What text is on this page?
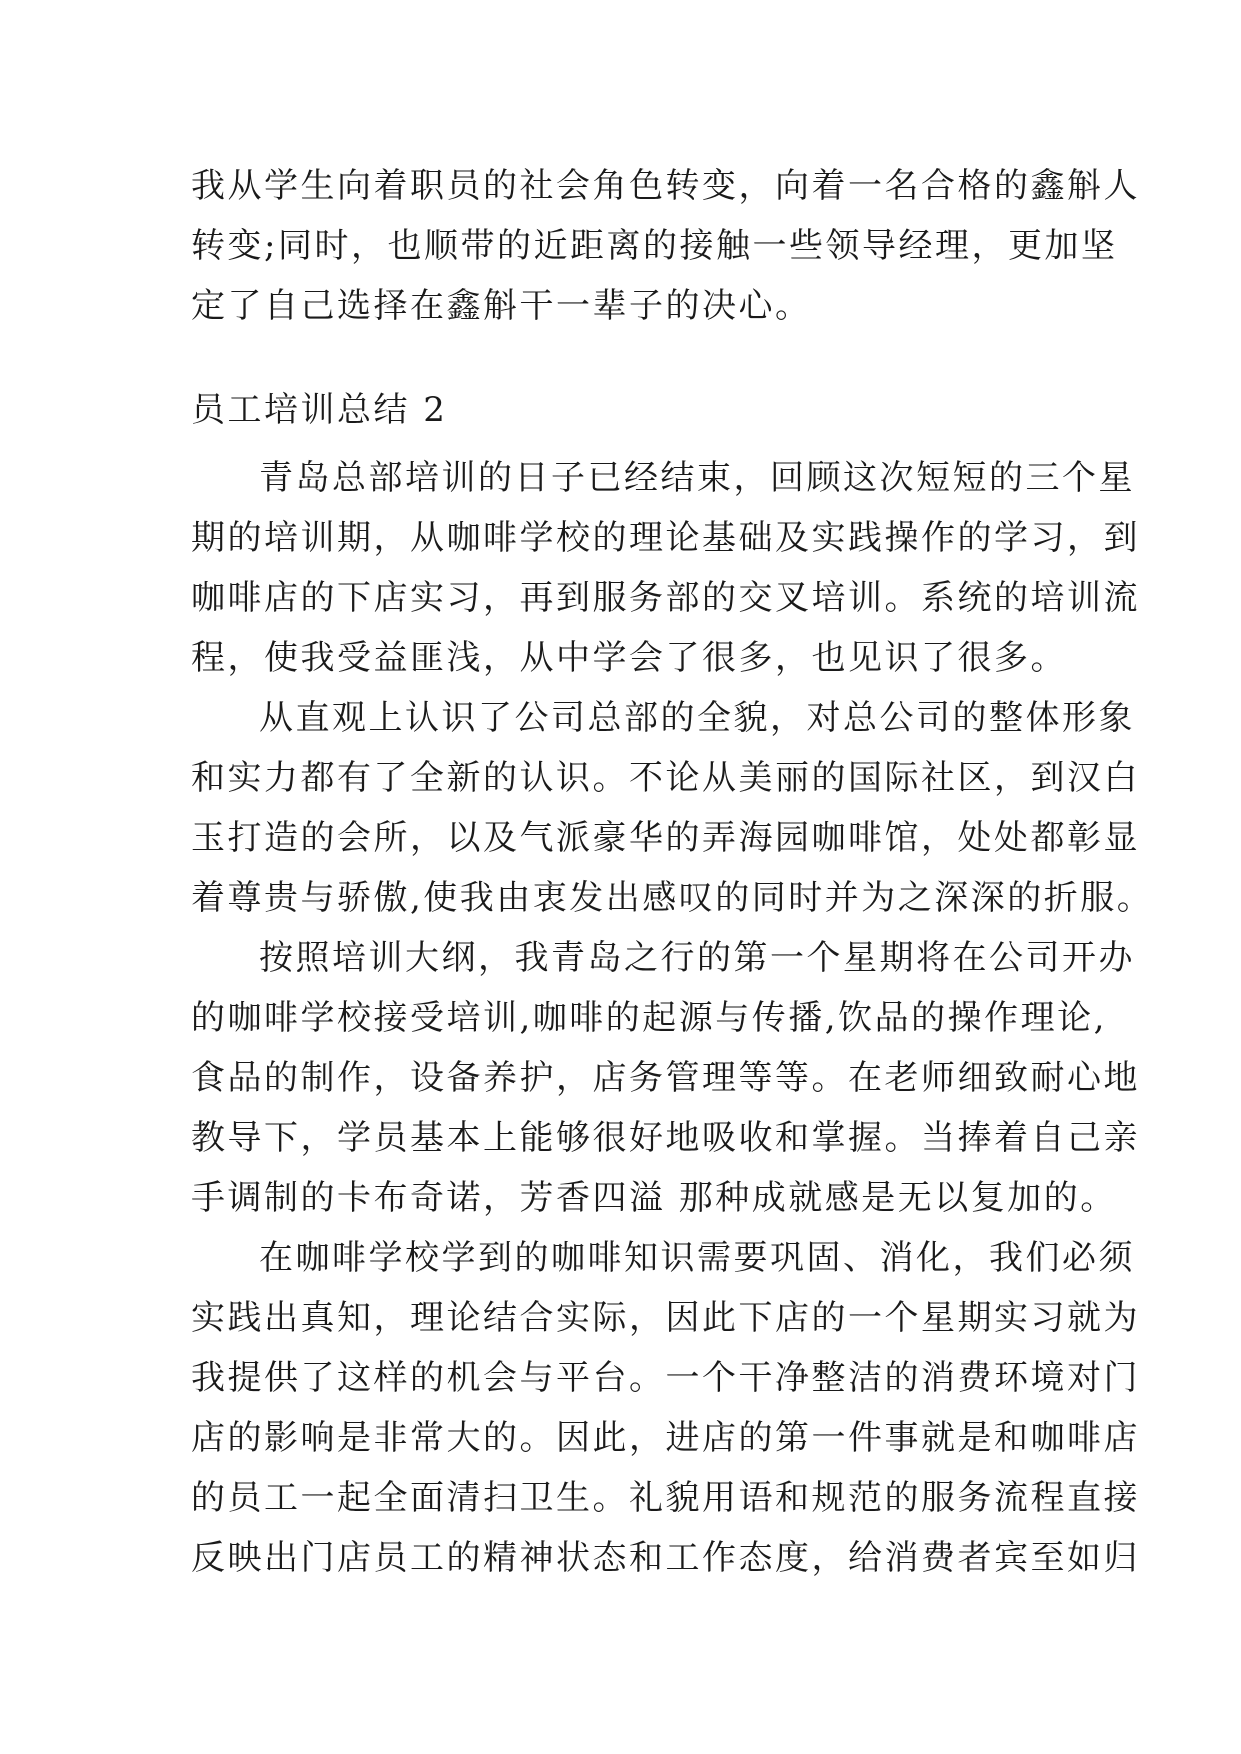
我从学生向着职员的社会角色转变，向着一名合格的鑫斛人
转变;同时，也顺带的近距离的接触一些领导经理，更加坚
定了自己选择在鑫斛干一辈子的决心。
员工培训总结 2
青岛总部培训的日子已经结束，回顾这次短短的三个星
期的培训期，从咖啡学校的理论基础及实践操作的学习，到
咖啡店的下店实习，再到服务部的交叉培训。系统的培训流
程，使我受益匪浅，从中学会了很多，也见识了很多。
从直观上认识了公司总部的全貌，对总公司的整体形象
和实力都有了全新的认识。不论从美丽的国际社区，到汉白
玉打造的会所，以及气派豪华的弄海园咖啡馆，处处都彰显
着尊贵与骄傲,使我由衷发出感叹的同时并为之深深的折服。
按照培训大纲，我青岛之行的第一个星期将在公司开办
的咖啡学校接受培训,咖啡的起源与传播,饮品的操作理论,
食品的制作，设备养护，店务管理等等。在老师细致耐心地
教导下，学员基本上能够很好地吸收和掌握。当捧着自己亲
手调制的卡布奇诺，芳香四溢 那种成就感是无以复加的。
在咖啡学校学到的咖啡知识需要巩固、消化，我们必须
实践出真知，理论结合实际，因此下店的一个星期实习就为
我提供了这样的机会与平台。一个干净整洁的消费环境对门
店的影响是非常大的。因此，进店的第一件事就是和咖啡店
的员工一起全面清扫卫生。礼貌用语和规范的服务流程直接
反映出门店员工的精神状态和工作态度，给消费者宾至如归
